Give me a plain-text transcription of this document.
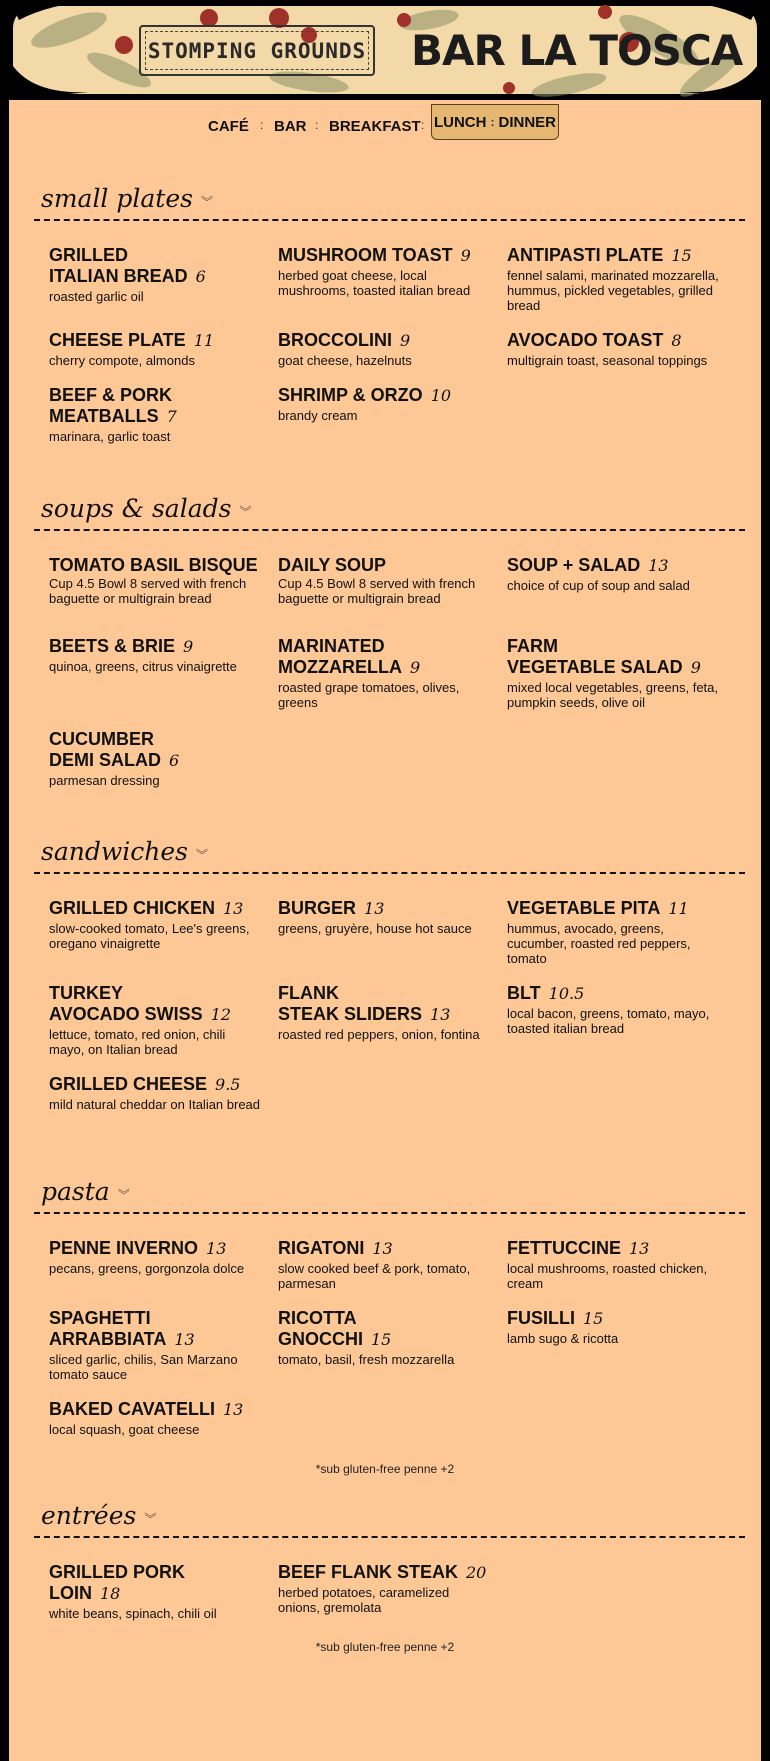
STOMPING GROUNDS BAR LA TOSCA
CAFÉ : BAR : BREAKFAST : LUNCH : DINNER
small plates ︾
GRILLED
ITALIAN BREAD 6
roasted garlic oil
MUSHROOM TOAST 9
herbed goat cheese, local mushrooms, toasted italian bread
ANTIPASTI PLATE 15
fennel salami, marinated mozzarella, hummus, pickled vegetables, grilled bread
CHEESE PLATE 11
cherry compote, almonds
BROCCOLINI 9
goat cheese, hazelnuts
AVOCADO TOAST 8
multigrain toast, seasonal toppings
BEEF & PORK
MEATBALLS 7
marinara, garlic toast
SHRIMP & ORZO 10
brandy cream
soups & salads ︾
TOMATO BASIL BISQUE
Cup 4.5 Bowl 8 served with french baguette or multigrain bread
DAILY SOUP
Cup 4.5 Bowl 8 served with french baguette or multigrain bread
SOUP + SALAD 13
choice of cup of soup and salad
BEETS & BRIE 9
quinoa, greens, citrus vinaigrette
MARINATED
MOZZARELLA 9
roasted grape tomatoes, olives, greens
FARM
VEGETABLE SALAD 9
mixed local vegetables, greens, feta, pumpkin seeds, olive oil
CUCUMBER
DEMI SALAD 6
parmesan dressing
sandwiches ︾
GRILLED CHICKEN 13
slow-cooked tomato, Lee's greens, oregano vinaigrette
BURGER 13
greens, gruyère, house hot sauce
VEGETABLE PITA 11
hummus, avocado, greens, cucumber, roasted red peppers, tomato
TURKEY
AVOCADO SWISS 12
lettuce, tomato, red onion, chili mayo, on Italian bread
FLANK
STEAK SLIDERS 13
roasted red peppers, onion, fontina
BLT 10.5
local bacon, greens, tomato, mayo, toasted italian bread
GRILLED CHEESE 9.5
mild natural cheddar on Italian bread
pasta ︾
PENNE INVERNO 13
pecans, greens, gorgonzola dolce
RIGATONI 13
slow cooked beef & pork, tomato, parmesan
FETTUCCINE 13
local mushrooms, roasted chicken, cream
SPAGHETTI
ARRABBIATA 13
sliced garlic, chilis, San Marzano tomato sauce
RICOTTA
GNOCCHI 15
tomato, basil, fresh mozzarella
FUSILLI 15
lamb sugo & ricotta
BAKED CAVATELLI 13
local squash, goat cheese
*sub gluten-free penne +2
entrées ︾
GRILLED PORK LOIN 18
white beans, spinach, chili oil
BEEF FLANK STEAK 20
herbed potatoes, caramelized onions, gremolata
*sub gluten-free penne +2
